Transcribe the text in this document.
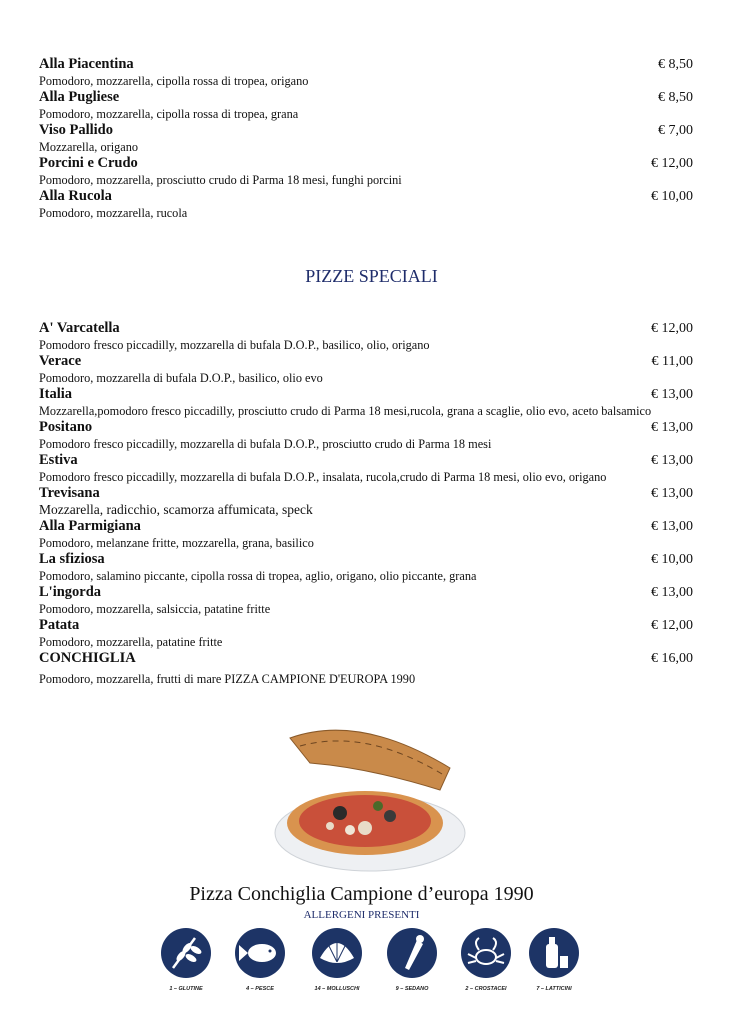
Alla Piacentina	€ 8,50
Pomodoro, mozzarella, cipolla rossa di tropea, origano
Alla Pugliese	€ 8,50
Pomodoro, mozzarella, cipolla rossa di tropea, grana
Viso Pallido	€ 7,00
Mozzarella, origano
Porcini e Crudo	€ 12,00
Pomodoro, mozzarella, prosciutto crudo di Parma 18 mesi, funghi porcini
Alla Rucola	€ 10,00
Pomodoro, mozzarella, rucola
PIZZE SPECIALI
A' Varcatella	€ 12,00
Pomodoro fresco piccadilly, mozzarella di bufala D.O.P., basilico, olio, origano
Verace	€ 11,00
Pomodoro, mozzarella di bufala D.O.P., basilico, olio evo
Italia	€ 13,00
Mozzarella,pomodoro fresco piccadilly, prosciutto crudo di Parma 18 mesi,rucola, grana a scaglie, olio evo, aceto balsamico
Positano	€ 13,00
Pomodoro fresco piccadilly, mozzarella di bufala D.O.P., prosciutto crudo di Parma 18 mesi
Estiva	€ 13,00
Pomodoro fresco piccadilly, mozzarella di bufala D.O.P., insalata, rucola,crudo di Parma 18 mesi, olio evo, origano
Trevisana	€ 13,00
Mozzarella, radicchio, scamorza affumicata, speck
Alla Parmigiana	€ 13,00
Pomodoro, melanzane fritte, mozzarella, grana, basilico
La sfiziosa	€ 10,00
Pomodoro, salamino piccante, cipolla rossa di tropea, aglio, origano, olio piccante, grana
L'ingorda	€ 13,00
Pomodoro, mozzarella, salsiccia, patatine fritte
Patata	€ 12,00
Pomodoro, mozzarella, patatine fritte
CONCHIGLIA	€ 16,00
Pomodoro, mozzarella, frutti di mare PIZZA CAMPIONE D'EUROPA 1990
Pizza Conchiglia Campione d’europa 1990
ALLERGENI PRESENTI
1 – GLUTINE	4 – PESCE	14 – MOLLUSCHI	9 – SEDANO	2 – CROSTACEI	7 – LATTICINI
